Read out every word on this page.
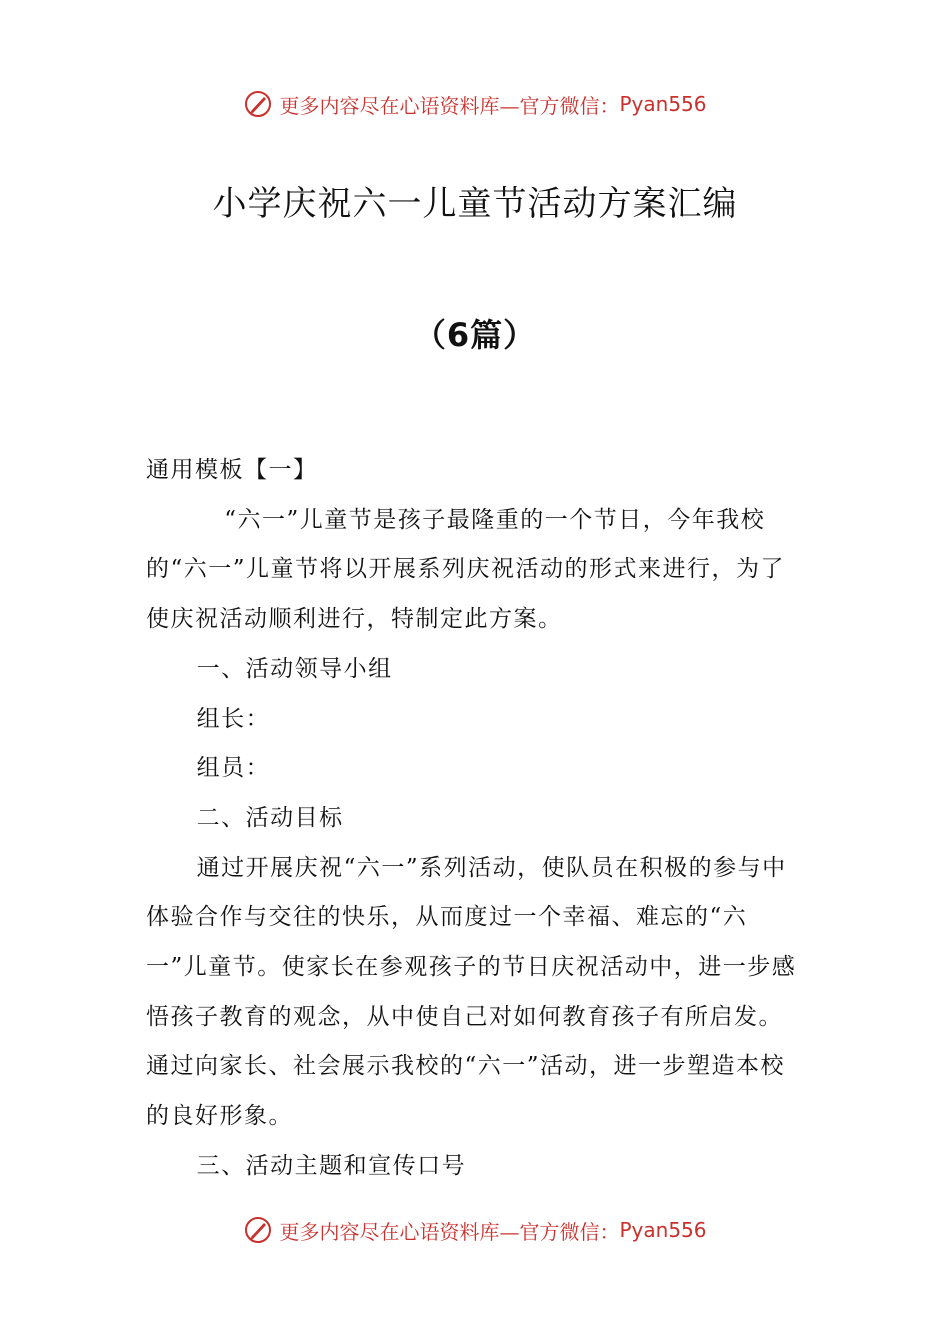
更多内容尽在心语资料库—官方微信： Pyan556
小学庆祝六一儿童节活动方案汇编
（6篇）

通用模板【一】

“六一”儿童节是孩子最隆重的一个节日，今年我校的“六一”儿童节将以开展系列庆祝活动的形式来进行，为了使庆祝活动顺利进行，特制定此方案。

一、活动领导小组

组长：

组员：

二、活动目标

通过开展庆祝“六一”系列活动，使队员在积极的参与中体验合作与交往的快乐，从而度过一个幸福、难忘的“六一”儿童节。使家长在参观孩子的节日庆祝活动中，进一步感悟孩子教育的观念，从中使自己对如何教育孩子有所启发。通过向家长、社会展示我校的“六一”活动，进一步塑造本校的良好形象。

三、活动主题和宣传口号

更多内容尽在心语资料库—官方微信： Pyan556
